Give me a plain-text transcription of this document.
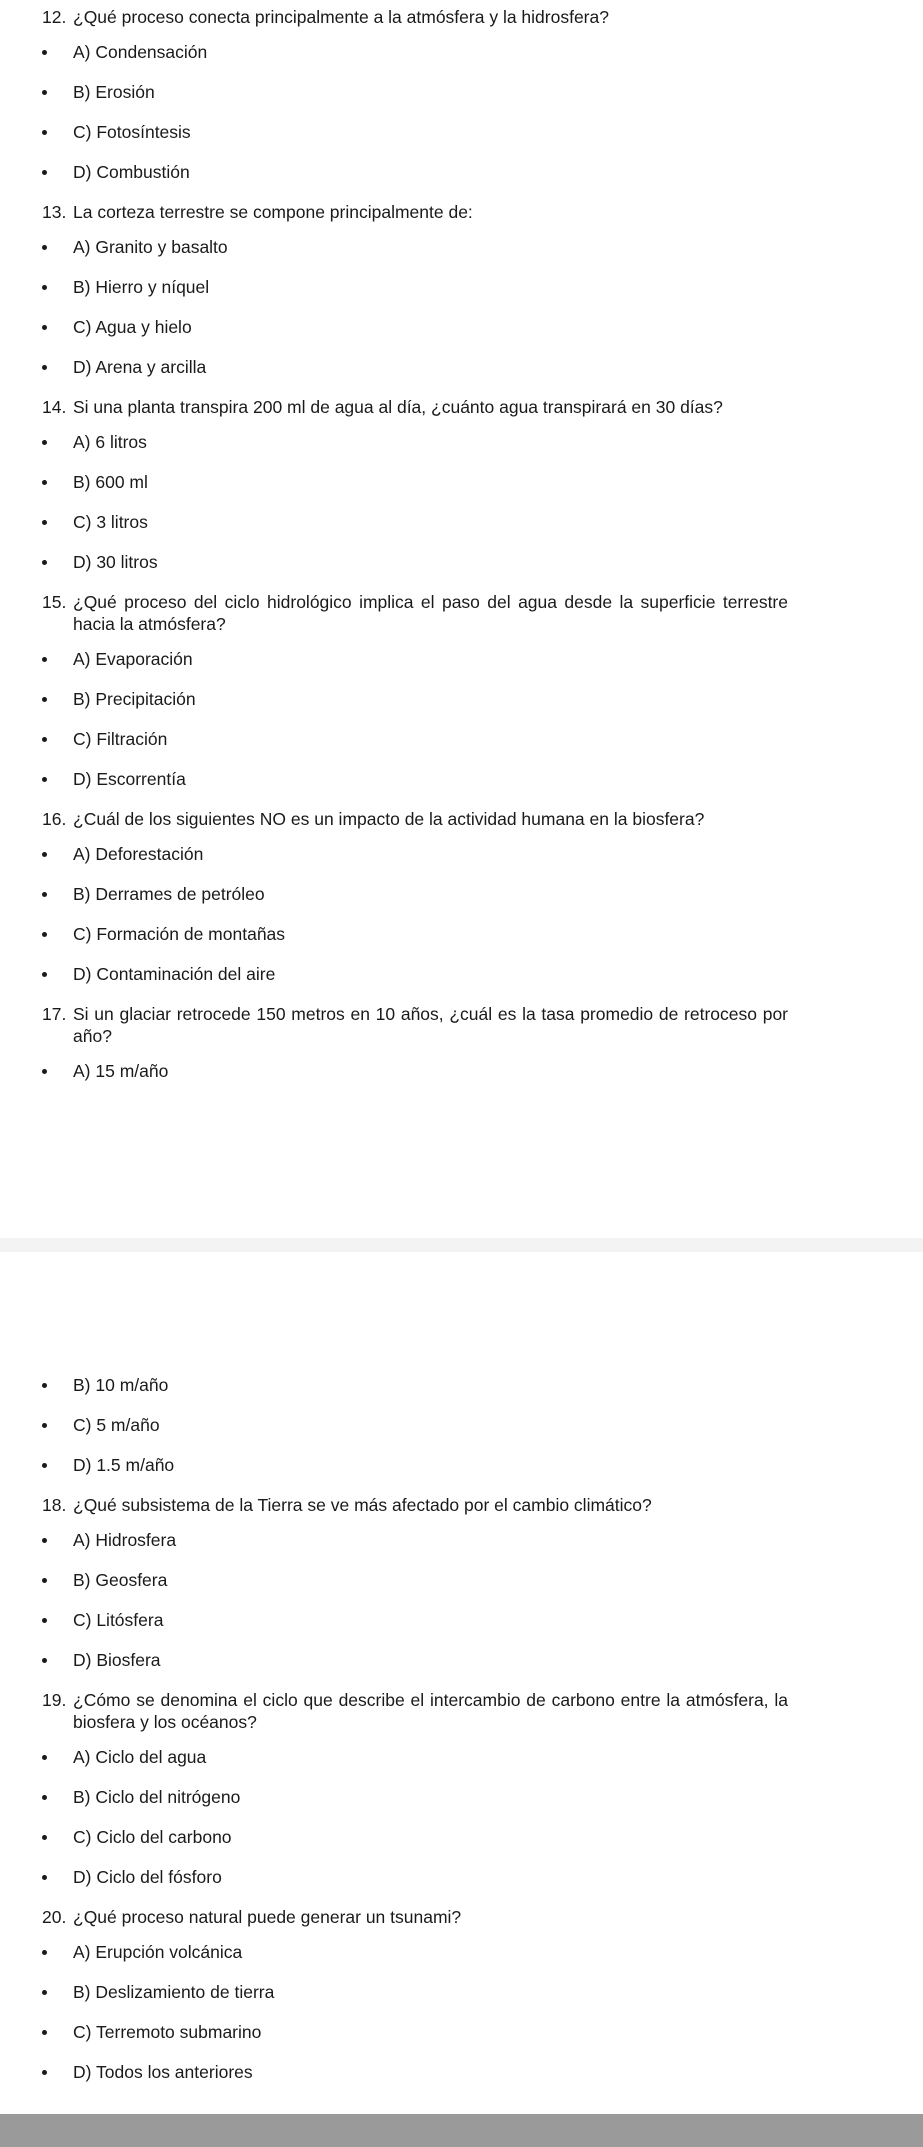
12. ¿Qué proceso conecta principalmente a la atmósfera y la hidrosfera?

A) Condensación
B) Erosión
C) Fotosíntesis
D) Combustión

13. La corteza terrestre se compone principalmente de:

A) Granito y basalto
B) Hierro y níquel
C) Agua y hielo
D) Arena y arcilla

14. Si una planta transpira 200 ml de agua al día, ¿cuánto agua transpirará en 30 días?

A) 6 litros
B) 600 ml
C) 3 litros
D) 30 litros

15. ¿Qué proceso del ciclo hidrológico implica el paso del agua desde la superficie terrestre hacia la atmósfera?

A) Evaporación
B) Precipitación
C) Filtración
D) Escorrentía

16. ¿Cuál de los siguientes NO es un impacto de la actividad humana en la biosfera?

A) Deforestación
B) Derrames de petróleo
C) Formación de montañas
D) Contaminación del aire

17. Si un glaciar retrocede 150 metros en 10 años, ¿cuál es la tasa promedio de retroceso por año?

A) 15 m/año
B) 10 m/año
C) 5 m/año
D) 1.5 m/año

18. ¿Qué subsistema de la Tierra se ve más afectado por el cambio climático?

A) Hidrosfera
B) Geosfera
C) Litósfera
D) Biosfera

19. ¿Cómo se denomina el ciclo que describe el intercambio de carbono entre la atmósfera, la biosfera y los océanos?

A) Ciclo del agua
B) Ciclo del nitrógeno
C) Ciclo del carbono
D) Ciclo del fósforo

20. ¿Qué proceso natural puede generar un tsunami?

A) Erupción volcánica
B) Deslizamiento de tierra
C) Terremoto submarino
D) Todos los anteriores
